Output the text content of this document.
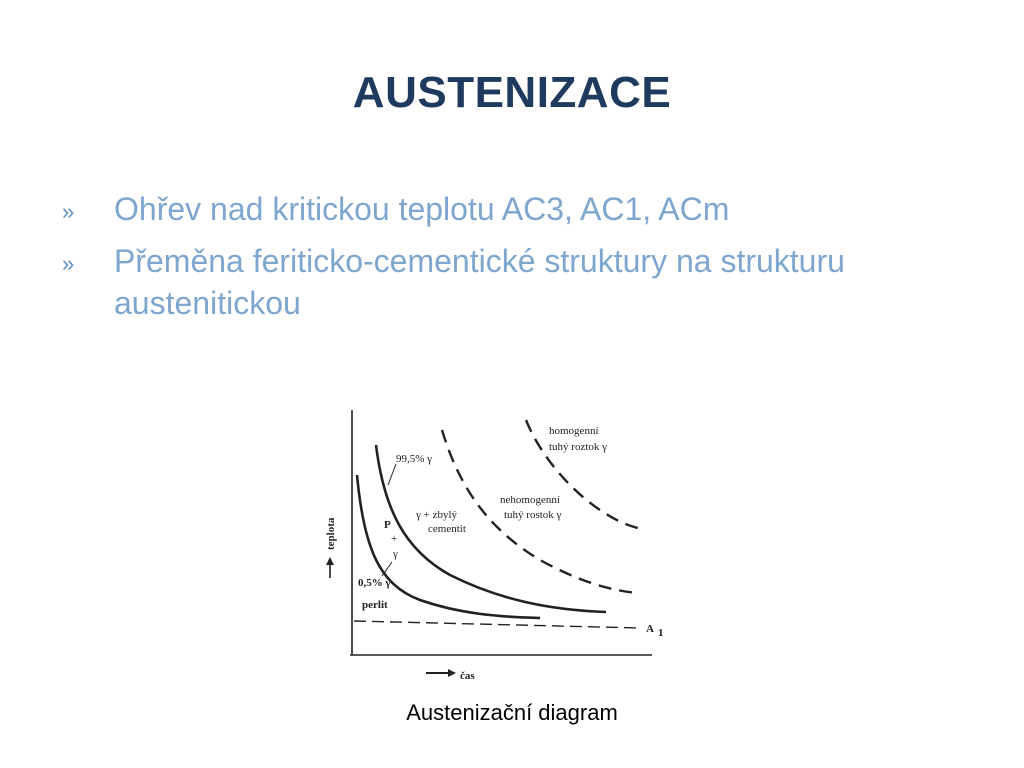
AUSTENIZACE
»	Ohřev nad kritickou teplotu AC3, AC1, ACm
»	Přeměna feriticko-cementické struktury na strukturu austenitickou
homogenní
tuhý roztok γ
99,5% γ
nehomogenní
tuhý rostok γ
γ + zbylý
cementit
P
+
γ
0,5% γ
perlit
A 1
teplota
čas
Austenizační diagram
